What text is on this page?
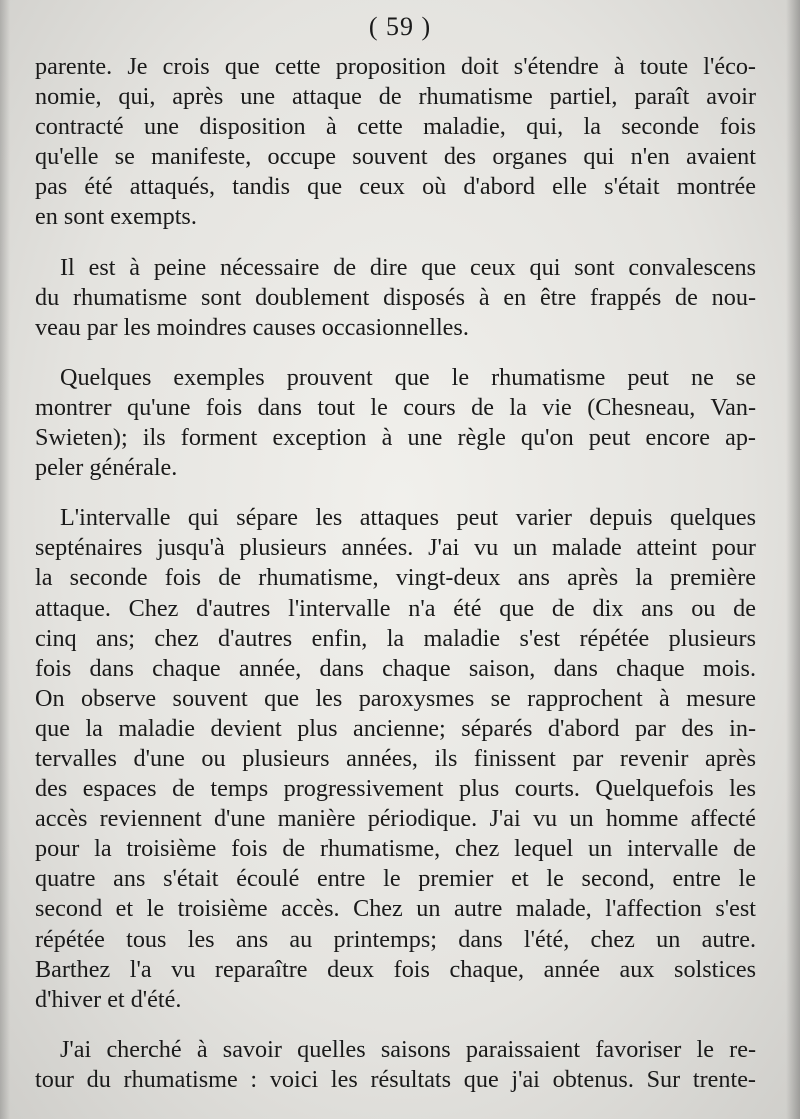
( 59 )
parente. Je crois que cette proposition doit s'étendre à toute l'éco-
nomie, qui, après une attaque de rhumatisme partiel, paraît avoir
contracté une disposition à cette maladie, qui, la seconde fois
qu'elle se manifeste, occupe souvent des organes qui n'en avaient
pas été attaqués, tandis que ceux où d'abord elle s'était montrée
en sont exempts.
Il est à peine nécessaire de dire que ceux qui sont convalescens
du rhumatisme sont doublement disposés à en être frappés de nou-
veau par les moindres causes occasionnelles.
Quelques exemples prouvent que le rhumatisme peut ne se
montrer qu'une fois dans tout le cours de la vie (Chesneau, Van-
Swieten); ils forment exception à une règle qu'on peut encore ap-
peler générale.
L'intervalle qui sépare les attaques peut varier depuis quelques
septénaires jusqu'à plusieurs années. J'ai vu un malade atteint pour
la seconde fois de rhumatisme, vingt-deux ans après la première
attaque. Chez d'autres l'intervalle n'a été que de dix ans ou de
cinq ans; chez d'autres enfin, la maladie s'est répétée plusieurs
fois dans chaque année, dans chaque saison, dans chaque mois.
On observe souvent que les paroxysmes se rapprochent à mesure
que la maladie devient plus ancienne; séparés d'abord par des in-
tervalles d'une ou plusieurs années, ils finissent par revenir après
des espaces de temps progressivement plus courts. Quelquefois les
accès reviennent d'une manière périodique. J'ai vu un homme affecté
pour la troisième fois de rhumatisme, chez lequel un intervalle de
quatre ans s'était écoulé entre le premier et le second, entre le
second et le troisième accès. Chez un autre malade, l'affection s'est
répétée tous les ans au printemps; dans l'été, chez un autre.
Barthez l'a vu reparaître deux fois chaque, année aux solstices
d'hiver et d'été.
J'ai cherché à savoir quelles saisons paraissaient favoriser le re-
tour du rhumatisme : voici les résultats que j'ai obtenus. Sur trente-
